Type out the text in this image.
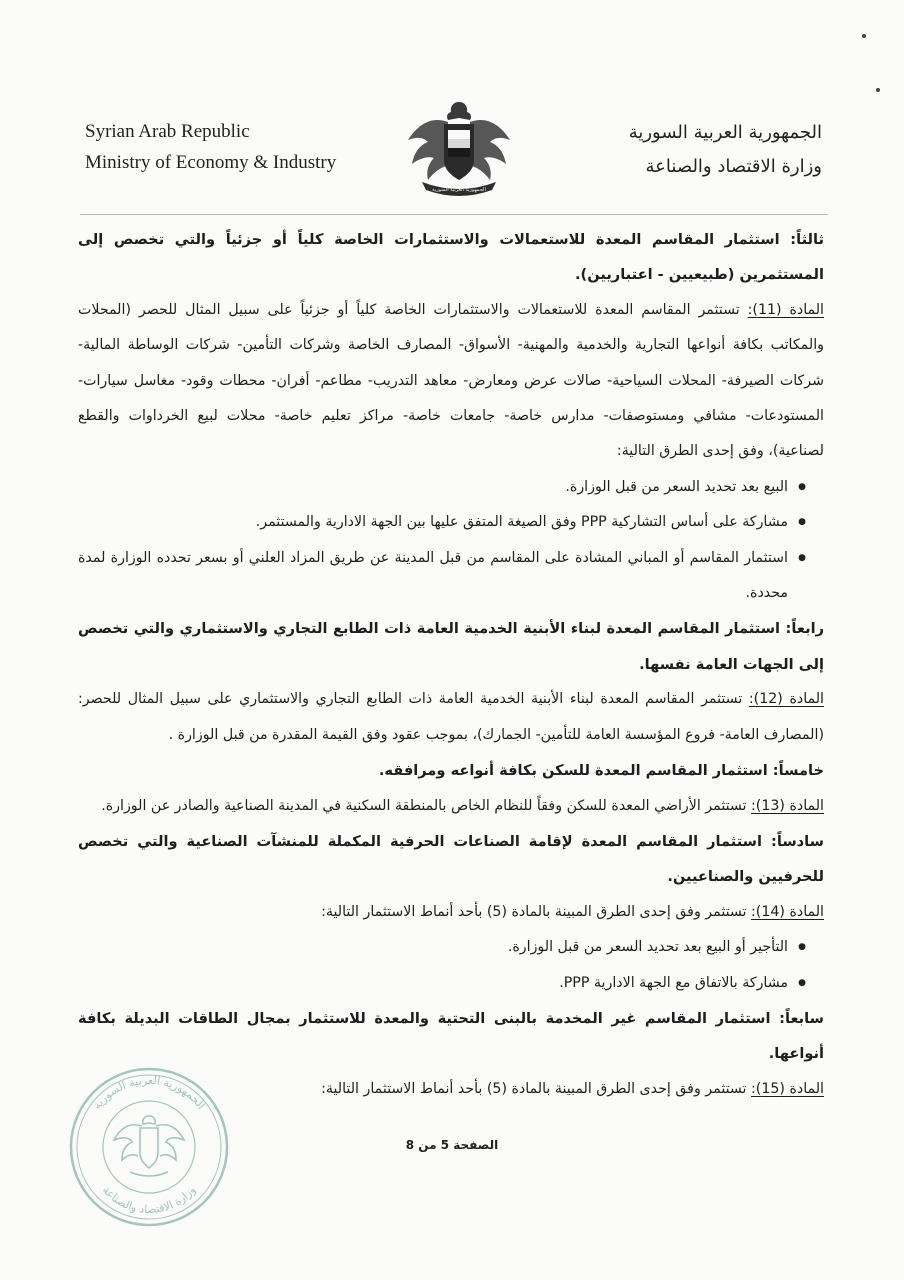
Syrian Arab Republic
Ministry of Economy & Industry
الجمهورية العربية السورية
الجمهورية العربية السورية
وزارة الاقتصاد والصناعة

ثالثاً: استثمار المقاسم المعدة للاستعمالات والاستثمارات الخاصة كلياً أو جزئياً والتي تخصص إلى المستثمرين (طبيعيين - اعتباريين).

المادة (11): تستثمر المقاسم المعدة للاستعمالات والاستثمارات الخاصة كلياً أو جزئياً على سبيل المثال للحصر (المحلات والمكاتب بكافة أنواعها التجارية والخدمية والمهنية- الأسواق- المصارف الخاصة وشركات التأمين- شركات الوساطة المالية- شركات الصيرفة- المحلات السياحية- صالات عرض ومعارض- معاهد التدريب- مطاعم- أفران- محطات وقود- مغاسل سيارات- المستودعات- مشافي ومستوصفات- مدارس خاصة- جامعات خاصة- مراكز تعليم خاصة- محلات لبيع الخرداوات والقطع لصناعية)، وفق إحدى الطرق التالية:

● البيع بعد تحديد السعر من قبل الوزارة.
● مشاركة على أساس التشاركية PPP وفق الصيغة المتفق عليها بين الجهة الادارية والمستثمر.
● استثمار المقاسم أو المباني المشادة على المقاسم من قبل المدينة عن طريق المزاد العلني أو بسعر تحدده الوزارة لمدة محددة.

رابعاً: استثمار المقاسم المعدة لبناء الأبنية الخدمية العامة ذات الطابع التجاري والاستثماري والتي تخصص إلى الجهات العامة نفسها.

المادة (12): تستثمر المقاسم المعدة لبناء الأبنية الخدمية العامة ذات الطابع التجاري والاستثماري على سبيل المثال للحصر: (المصارف العامة- فروع المؤسسة العامة للتأمين- الجمارك)، بموجب عقود وفق القيمة المقدرة من قبل الوزارة .

خامساً: استثمار المقاسم المعدة للسكن بكافة أنواعه ومرافقه.

المادة (13): تستثمر الأراضي المعدة للسكن وفقاً للنظام الخاص بالمنطقة السكنية في المدينة الصناعية والصادر عن الوزارة.

سادساً: استثمار المقاسم المعدة لإقامة الصناعات الحرفية المكملة للمنشآت الصناعية والتي تخصص للحرفيين والصناعيين.

المادة (14): تستثمر وفق إحدى الطرق المبينة بالمادة (5) بأحد أنماط الاستثمار التالية:

● التأجير أو البيع بعد تحديد السعر من قبل الوزارة.
● مشاركة بالاتفاق مع الجهة الادارية PPP.

سابعاً: استثمار المقاسم غير المخدمة بالبنى التحتية والمعدة للاستثمار بمجال الطاقات البديلة بكافة أنواعها.

المادة (15): تستثمر وفق إحدى الطرق المبينة بالمادة (5) بأحد أنماط الاستثمار التالية:

الجمهورية العربية السورية
وزارة الاقتصاد والصناعة
الصفحة 5 من 8
